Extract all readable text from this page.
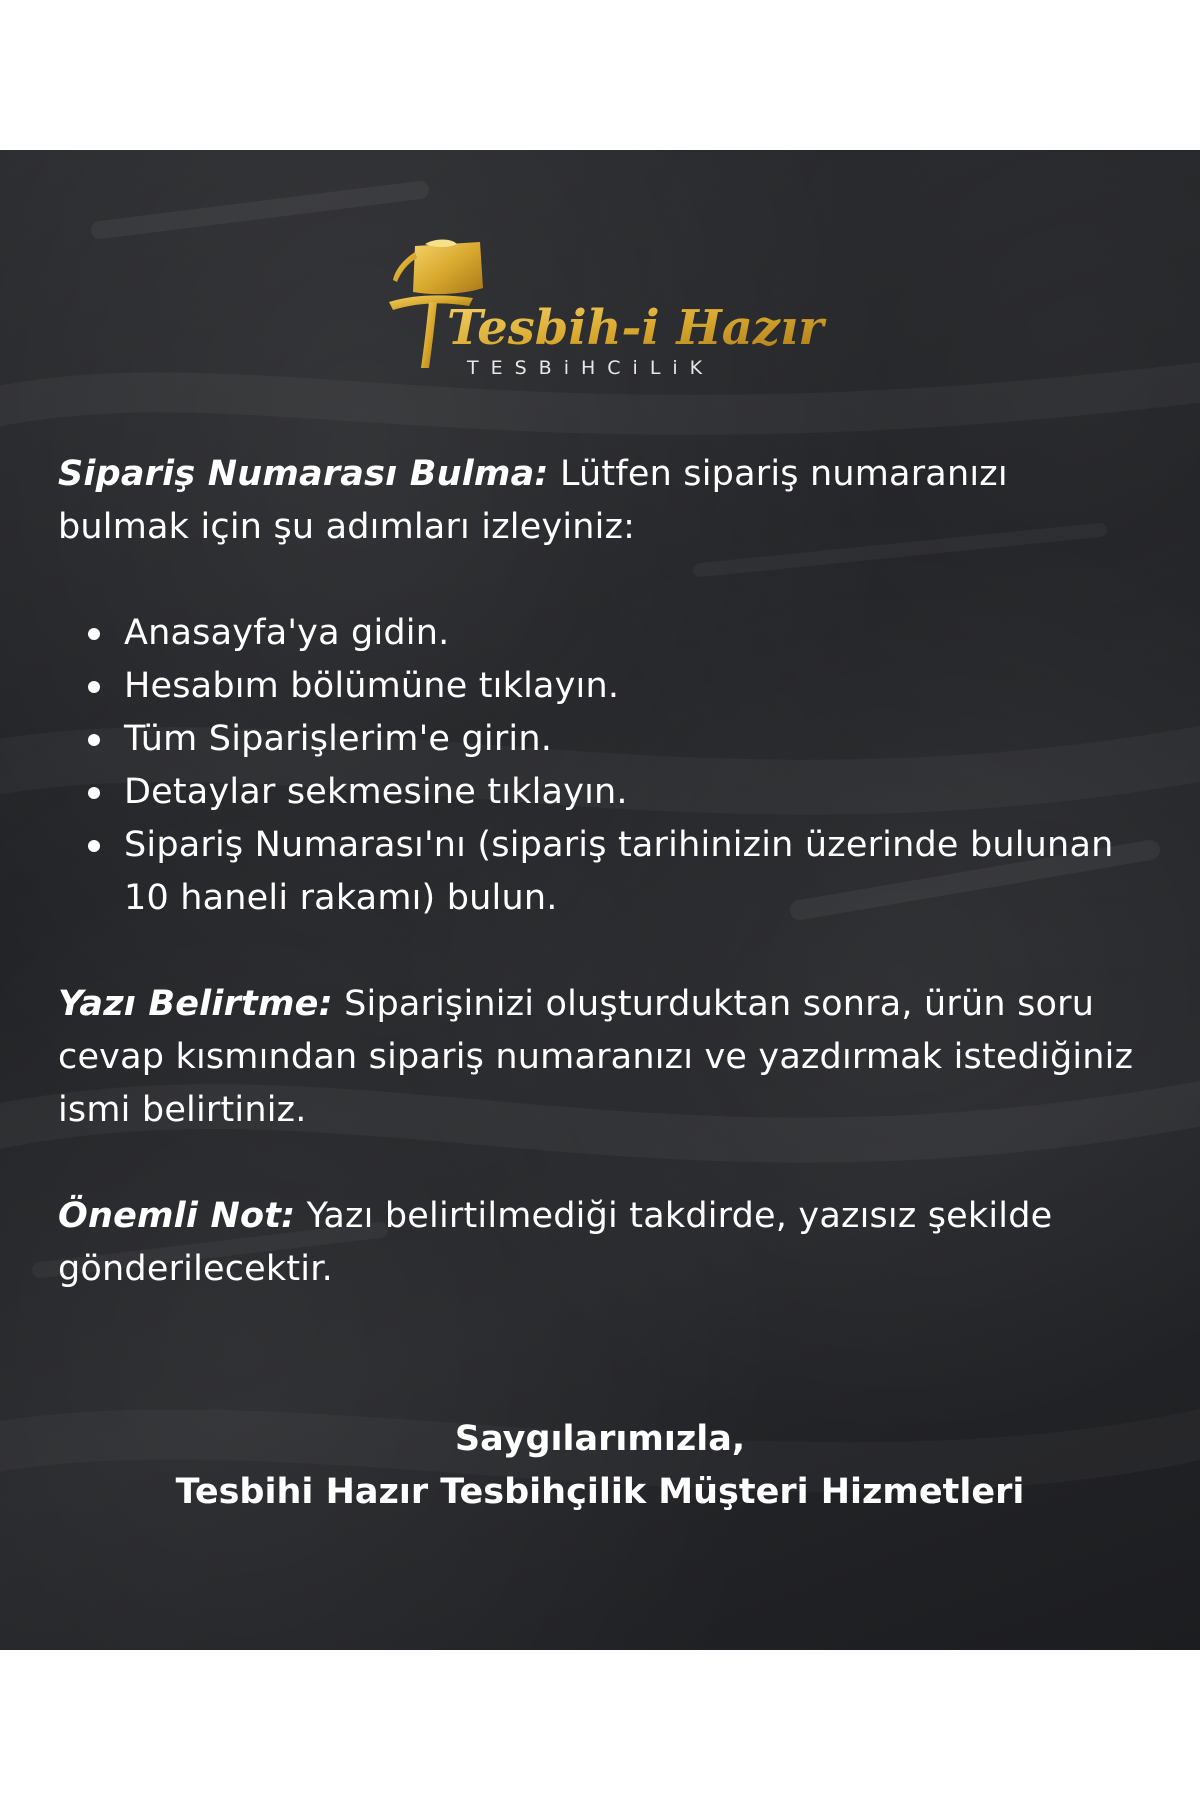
Tesbih-i Hazır
TESBiHCiLiK

Sipariş Numarası Bulma: Lütfen sipariş numaranızı bulmak için şu adımları izleyiniz:

Anasayfa'ya gidin.
Hesabım bölümüne tıklayın.
Tüm Siparişlerim'e girin.
Detaylar sekmesine tıklayın.
Sipariş Numarası'nı (sipariş tarihinizin üzerinde bulunan 10 haneli rakamı) bulun.

Yazı Belirtme: Siparişinizi oluşturduktan sonra, ürün soru cevap kısmından sipariş numaranızı ve yazdırmak istediğiniz ismi belirtiniz.

Önemli Not: Yazı belirtilmediği takdirde, yazısız şekilde gönderilecektir.

Saygılarımızla,
Tesbihi Hazır Tesbihçilik Müşteri Hizmetleri
